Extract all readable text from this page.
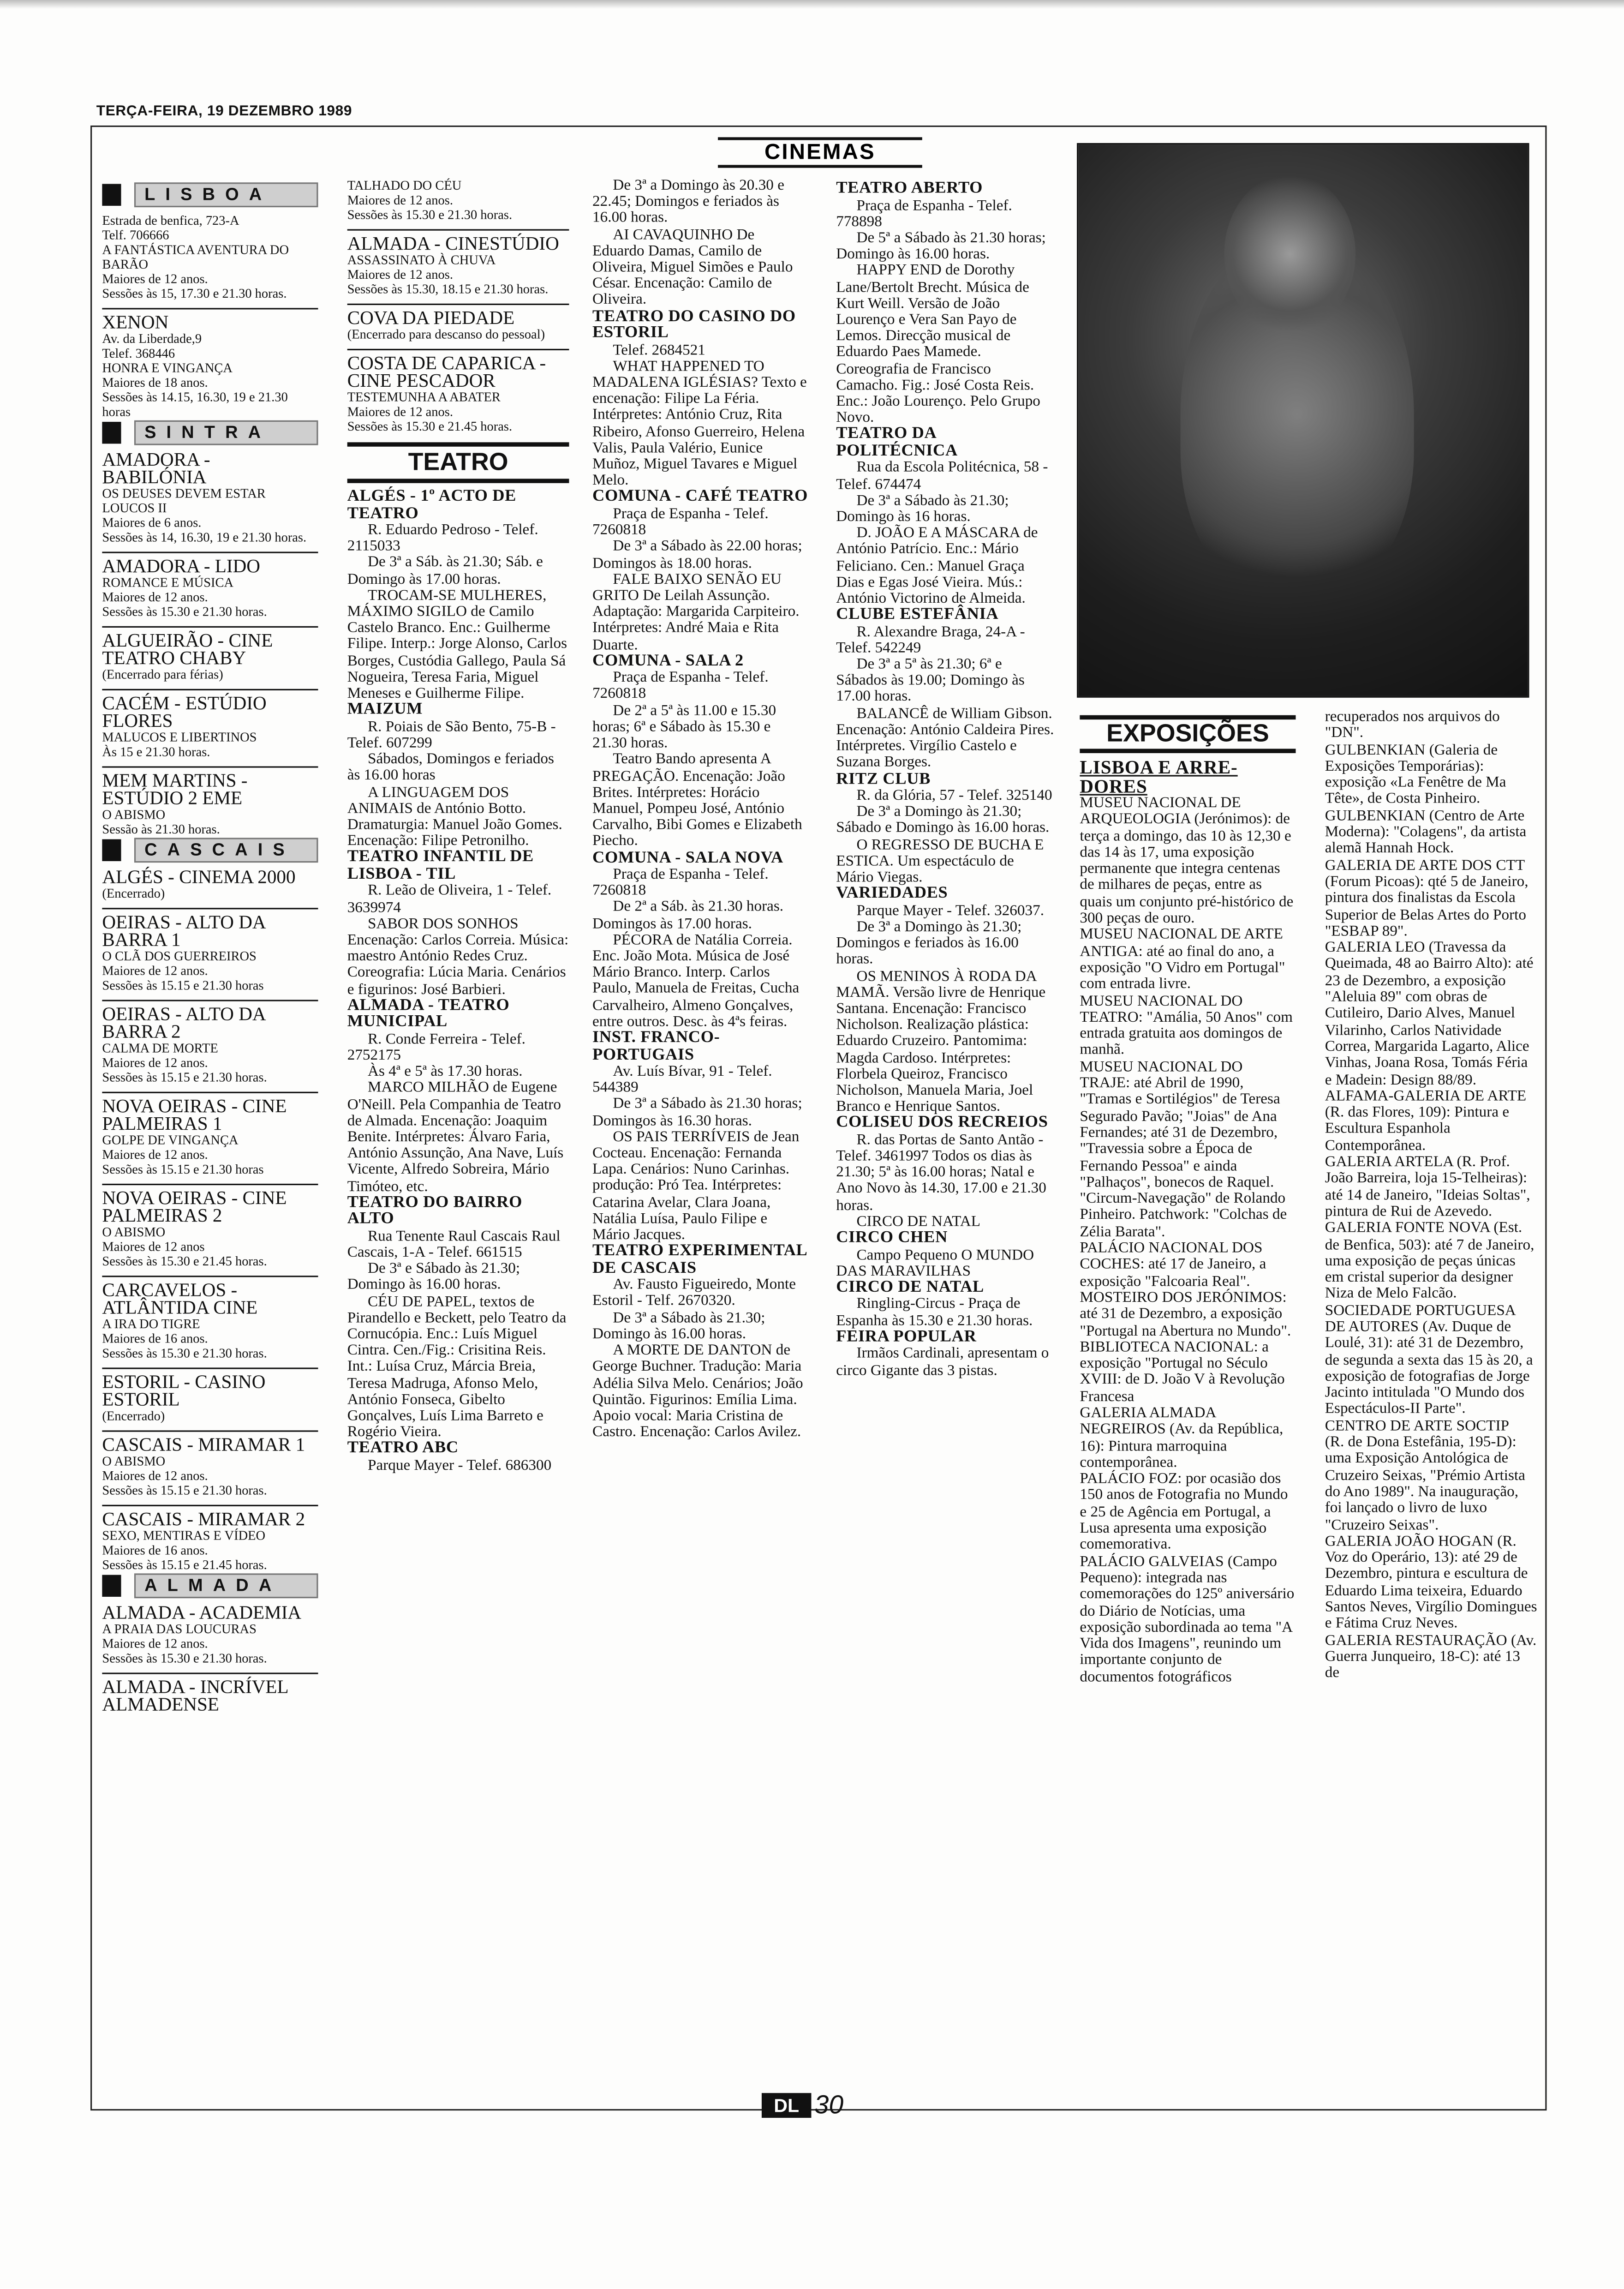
TERÇA-FEIRA, 19 DEZEMBRO 1989
CINEMAS
LISBOA

Estrada de benfica, 723-A

Telf. 706666

A FANTÁSTICA AVENTURA DO BARÃO

Maiores de 12 anos.

Sessões às 15, 17.30 e 21.30 horas.

XENON

Av. da Liberdade,9

Telef. 368446

HONRA E VINGANÇA

Maiores de 18 anos.

Sessões às 14.15, 16.30, 19 e 21.30 horas

SINTRA

AMADORA - BABILÓNIA

OS DEUSES DEVEM ESTAR LOUCOS II

Maiores de 6 anos.

Sessões às 14, 16.30, 19 e 21.30 horas.

AMADORA - LIDO

ROMANCE E MÚSICA

Maiores de 12 anos.

Sessões às 15.30 e 21.30 horas.

ALGUEIRÃO - CINE TEATRO CHABY

(Encerrado para férias)

CACÉM - ESTÚDIO FLORES

MALUCOS E LIBERTINOS

Às 15 e 21.30 horas.

MEM MARTINS - ESTÚDIO 2 EME

O ABISMO

Sessão às 21.30 horas.

CASCAIS

ALGÉS - CINEMA 2000

(Encerrado)

OEIRAS - ALTO DA BARRA 1

O CLÃ DOS GUERREIROS

Maiores de 12 anos.

Sessões às 15.15 e 21.30 horas

OEIRAS - ALTO DA BARRA 2

CALMA DE MORTE

Maiores de 12 anos.

Sessões às 15.15 e 21.30 horas.

NOVA OEIRAS - CINE PALMEIRAS 1

GOLPE DE VINGANÇA

Maiores de 12 anos.

Sessões às 15.15 e 21.30 horas

NOVA OEIRAS - CINE PALMEIRAS 2

O ABISMO

Maiores de 12 anos

Sessões às 15.30 e 21.45 horas.

CARCAVELOS - ATLÂNTIDA CINE

A IRA DO TIGRE

Maiores de 16 anos.

Sessões às 15.30 e 21.30 horas.

ESTORIL - CASINO ESTORIL

(Encerrado)

CASCAIS - MIRAMAR 1

O ABISMO

Maiores de 12 anos.

Sessões às 15.15 e 21.30 horas.

CASCAIS - MIRAMAR 2

SEXO, MENTIRAS E VÍDEO

Maiores de 16 anos.

Sessões às 15.15 e 21.45 horas.

ALMADA

ALMADA - ACADEMIA

A PRAIA DAS LOUCURAS

Maiores de 12 anos.

Sessões às 15.30 e 21.30 horas.

ALMADA - INCRÍVEL ALMADENSE

TALHADO DO CÉU

Maiores de 12 anos.

Sessões às 15.30 e 21.30 horas.

ALMADA - CINESTÚDIO

ASSASSINATO À CHUVA

Maiores de 12 anos.

Sessões às 15.30, 18.15 e 21.30 horas.

COVA DA PIEDADE

(Encerrado para descanso do pessoal)

COSTA DE CAPARICA - CINE PESCADOR

TESTEMUNHA A ABATER

Maiores de 12 anos.

Sessões às 15.30 e 21.45 horas.

TEATRO

ALGÉS - 1º ACTO DE TEATRO

R. Eduardo Pedroso - Telef. 2115033

De 3ª a Sáb. às 21.30; Sáb. e Domingo às 17.00 horas.

TROCAM-SE MULHERES, MÁXIMO SIGILO de Camilo Castelo Branco. Enc.: Guilherme Filipe. Interp.: Jorge Alonso, Carlos Borges, Custódia Gallego, Paula Sá Nogueira, Teresa Faria, Miguel Meneses e Guilherme Filipe.

MAIZUM

R. Poiais de São Bento, 75-B - Telef. 607299

Sábados, Domingos e feriados às 16.00 horas

A LINGUAGEM DOS ANIMAIS de António Botto. Dramaturgia: Manuel João Gomes. Encenação: Filipe Petronilho.

TEATRO INFANTIL DE LISBOA - TIL

R. Leão de Oliveira, 1 - Telef. 3639974

SABOR DOS SONHOS Encenação: Carlos Correia. Música: maestro António Redes Cruz. Coreografia: Lúcia Maria. Cenários e figurinos: José Barbieri.

ALMADA - TEATRO MUNICIPAL

R. Conde Ferreira - Telef. 2752175

Às 4ª e 5ª às 17.30 horas.

MARCO MILHÃO de Eugene O'Neill. Pela Companhia de Teatro de Almada. Encenação: Joaquim Benite. Intérpretes: Álvaro Faria, António Assunção, Ana Nave, Luís Vicente, Alfredo Sobreira, Mário Timóteo, etc.

TEATRO DO BAIRRO ALTO

Rua Tenente Raul Cascais Raul Cascais, 1-A - Telef. 661515

De 3ª e Sábado às 21.30; Domingo às 16.00 horas.

CÉU DE PAPEL, textos de Pirandello e Beckett, pelo Teatro da Cornucópia. Enc.: Luís Miguel Cintra. Cen./Fig.: Crisitina Reis. Int.: Luísa Cruz, Márcia Breia, Teresa Madruga, Afonso Melo, António Fonseca, Gibelto Gonçalves, Luís Lima Barreto e Rogério Vieira.

TEATRO ABC

Parque Mayer - Telef. 686300

De 3ª a Domingo às 20.30 e 22.45; Domingos e feriados às 16.00 horas.

AI CAVAQUINHO De Eduardo Damas, Camilo de Oliveira, Miguel Simões e Paulo César. Encenação: Camilo de Oliveira.

TEATRO DO CASINO DO ESTORIL

Telef. 2684521

WHAT HAPPENED TO MADALENA IGLÉSIAS? Texto e encenação: Filipe La Féria. Intérpretes: António Cruz, Rita Ribeiro, Afonso Guerreiro, Helena Valis, Paula Valério, Eunice Muñoz, Miguel Tavares e Miguel Melo.

COMUNA - CAFÉ TEATRO

Praça de Espanha - Telef. 7260818

De 3ª a Sábado às 22.00 horas; Domingos às 18.00 horas.

FALE BAIXO SENÃO EU GRITO De Leilah Assunção. Adaptação: Margarida Carpiteiro. Intérpretes: André Maia e Rita Duarte.

COMUNA - SALA 2

Praça de Espanha - Telef. 7260818

De 2ª a 5ª às 11.00 e 15.30 horas; 6ª e Sábado às 15.30 e 21.30 horas.

Teatro Bando apresenta A PREGAÇÃO. Encenação: João Brites. Intérpretes: Horácio Manuel, Pompeu José, António Carvalho, Bibi Gomes e Elizabeth Piecho.

COMUNA - SALA NOVA

Praça de Espanha - Telef. 7260818

De 2ª a Sáb. às 21.30 horas. Domingos às 17.00 horas.

PÉCORA de Natália Correia. Enc. João Mota. Música de José Mário Branco. Interp. Carlos Paulo, Manuela de Freitas, Cucha Carvalheiro, Almeno Gonçalves, entre outros. Desc. às 4ªs feiras.

INST. FRANCO-PORTUGAIS

Av. Luís Bívar, 91 - Telef. 544389

De 3ª a Sábado às 21.30 horas; Domingos às 16.30 horas.

OS PAIS TERRÍVEIS de Jean Cocteau. Encenação: Fernanda Lapa. Cenários: Nuno Carinhas. produção: Pró Tea. Intérpretes: Catarina Avelar, Clara Joana, Natália Luísa, Paulo Filipe e Mário Jacques.

TEATRO EXPERIMENTAL DE CASCAIS

Av. Fausto Figueiredo, Monte Estoril - Telf. 2670320.

De 3ª a Sábado às 21.30; Domingo às 16.00 horas.

A MORTE DE DANTON de George Buchner. Tradução: Maria Adélia Silva Melo. Cenários; João Quintão. Figurinos: Emília Lima. Apoio vocal: Maria Cristina de Castro. Encenação: Carlos Avilez.

TEATRO ABERTO

Praça de Espanha - Telef. 778898

De 5ª a Sábado às 21.30 horas; Domingo às 16.00 horas.

HAPPY END de Dorothy Lane/Bertolt Brecht. Música de Kurt Weill. Versão de João Lourenço e Vera San Payo de Lemos. Direcção musical de Eduardo Paes Mamede. Coreografia de Francisco Camacho. Fig.: José Costa Reis. Enc.: João Lourenço. Pelo Grupo Novo.

TEATRO DA POLITÉCNICA

Rua da Escola Politécnica, 58 - Telef. 674474

De 3ª a Sábado às 21.30; Domingo às 16 horas.

D. JOÃO E A MÁSCARA de António Patrício. Enc.: Mário Feliciano. Cen.: Manuel Graça Dias e Egas José Vieira. Mús.: António Victorino de Almeida.

CLUBE ESTEFÂNIA

R. Alexandre Braga, 24-A - Telef. 542249

De 3ª a 5ª às 21.30; 6ª e Sábados às 19.00; Domingo às 17.00 horas.

BALANCÊ de William Gibson. Encenação: António Caldeira Pires. Intérpretes. Virgílio Castelo e Suzana Borges.

RITZ CLUB

R. da Glória, 57 - Telef. 325140

De 3ª a Domingo às 21.30; Sábado e Domingo às 16.00 horas.

O REGRESSO DE BUCHA E ESTICA. Um espectáculo de Mário Viegas.

VARIEDADES

Parque Mayer - Telef. 326037.

De 3ª a Domingo às 21.30; Domingos e feriados às 16.00 horas.

OS MENINOS À RODA DA MAMÃ. Versão livre de Henrique Santana. Encenação: Francisco Nicholson. Realização plástica: Eduardo Cruzeiro. Pantomima: Magda Cardoso. Intérpretes: Florbela Queiroz, Francisco Nicholson, Manuela Maria, Joel Branco e Henrique Santos.

COLISEU DOS RECREIOS

R. das Portas de Santo Antão - Telef. 3461997 Todos os dias às 21.30; 5ª às 16.00 horas; Natal e Ano Novo às 14.30, 17.00 e 21.30 horas.

CIRCO DE NATAL

CIRCO CHEN

Campo Pequeno O MUNDO DAS MARAVILHAS

CIRCO DE NATAL

Ringling-Circus - Praça de Espanha às 15.30 e 21.30 horas.

FEIRA POPULAR

Irmãos Cardinali, apresentam o circo Gigante das 3 pistas.

EXPOSIÇÕES
LISBOA E ARRE- DORES

MUSEU NACIONAL DE ARQUEOLOGIA (Jerónimos): de terça a domingo, das 10 às 12,30 e das 14 às 17, uma exposição permanente que integra centenas de milhares de peças, entre as quais um conjunto pré-histórico de 300 peças de ouro.

MUSEU NACIONAL DE ARTE ANTIGA: até ao final do ano, a exposição "O Vidro em Portugal" com entrada livre.

MUSEU NACIONAL DO TEATRO: "Amália, 50 Anos" com entrada gratuita aos domingos de manhã.

MUSEU NACIONAL DO TRAJE: até Abril de 1990, "Tramas e Sortilégios" de Teresa Segurado Pavão; "Joias" de Ana Fernandes; até 31 de Dezembro, "Travessia sobre a Época de Fernando Pessoa" e ainda "Palhaços", bonecos de Raquel. "Circum-Navegação" de Rolando Pinheiro. Patchwork: "Colchas de Zélia Barata".

PALÁCIO NACIONAL DOS COCHES: até 17 de Janeiro, a exposição "Falcoaria Real".

MOSTEIRO DOS JERÓNIMOS: até 31 de Dezembro, a exposição "Portugal na Abertura no Mundo".

BIBLIOTECA NACIONAL: a exposição "Portugal no Século XVIII: de D. João V à Revolução Francesa

GALERIA ALMADA NEGREIROS (Av. da República, 16): Pintura marroquina contemporânea.

PALÁCIO FOZ: por ocasião dos 150 anos de Fotografia no Mundo e 25 de Agência em Portugal, a Lusa apresenta uma exposição comemorativa.

PALÁCIO GALVEIAS (Campo Pequeno): integrada nas comemorações do 125º aniversário do Diário de Notícias, uma exposição subordinada ao tema "A Vida dos Imagens", reunindo um importante conjunto de documentos fotográficos

recuperados nos arquivos do "DN".

GULBENKIAN (Galeria de Exposições Temporárias): exposição «La Fenêtre de Ma Tête», de Costa Pinheiro.

GULBENKIAN (Centro de Arte Moderna): "Colagens", da artista alemã Hannah Hock.

GALERIA DE ARTE DOS CTT (Forum Picoas): qté 5 de Janeiro, pintura dos finalistas da Escola Superior de Belas Artes do Porto "ESBAP 89".

GALERIA LEO (Travessa da Queimada, 48 ao Bairro Alto): até 23 de Dezembro, a exposição "Aleluia 89" com obras de Cutileiro, Dario Alves, Manuel Vilarinho, Carlos Natividade Correa, Margarida Lagarto, Alice Vinhas, Joana Rosa, Tomás Féria e Madein: Design 88/89.

ALFAMA-GALERIA DE ARTE (R. das Flores, 109): Pintura e Escultura Espanhola Contemporânea.

GALERIA ARTELA (R. Prof. João Barreira, loja 15-Telheiras): até 14 de Janeiro, "Ideias Soltas", pintura de Rui de Azevedo.

GALERIA FONTE NOVA (Est. de Benfica, 503): até 7 de Janeiro, uma exposição de peças únicas em cristal superior da designer Niza de Melo Falcão.

SOCIEDADE PORTUGUESA DE AUTORES (Av. Duque de Loulé, 31): até 31 de Dezembro, de segunda a sexta das 15 às 20, a exposição de fotografias de Jorge Jacinto intitulada "O Mundo dos Espectáculos-II Parte".

CENTRO DE ARTE SOCTIP

(R. de Dona Estefânia, 195-D): uma Exposição Antológica de Cruzeiro Seixas, "Prémio Artista do Ano 1989". Na inauguração, foi lançado o livro de luxo "Cruzeiro Seixas".

GALERIA JOÃO HOGAN (R. Voz do Operário, 13): até 29 de Dezembro, pintura e escultura de Eduardo Lima teixeira, Eduardo Santos Neves, Virgílio Domingues e Fátima Cruz Neves.

GALERIA RESTAURAÇÃO (Av. Guerra Junqueiro, 18-C): até 13 de

DL	30
